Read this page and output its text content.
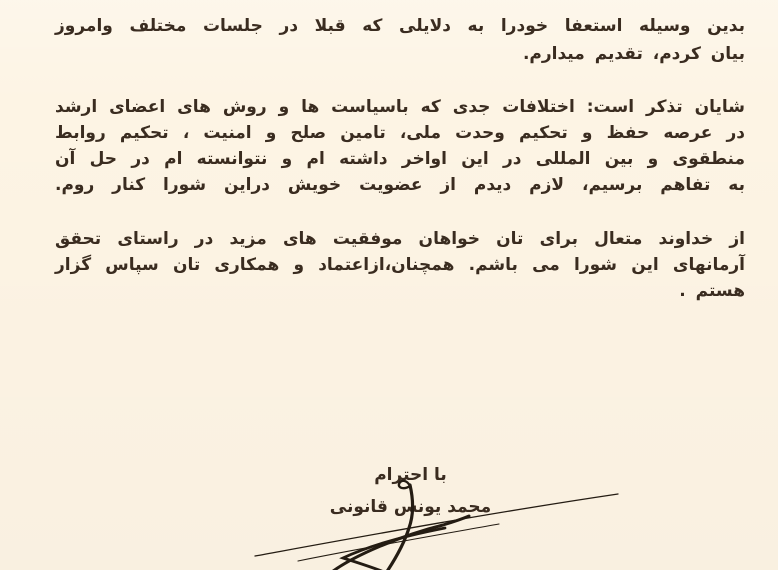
بدین وسیله استعفا خودرا به دلایلی که قبلا در جلسات مختلف وامروز
بیان کردم، تقدیم میدارم.
شایان تذکر است: اختلافات جدی که باسیاست ها و روش های اعضای ارشد
در عرصه حفظ و تحکیم وحدت ملی، تامین صلح و امنیت ، تحکیم روابط
منطقوی و بین المللی در این اواخر داشته ام و نتوانسته ام در حل آن
به تفاهم برسیم، لازم دیدم از عضویت خویش دراین شورا کنار روم.
از خداوند متعال برای تان خواهان موفقیت های مزید در راستای تحقق
آرمانهای این شورا می باشم. همچنان،ازاعتماد و همکاری تان سپاس گزار
هستم .
با احترام
محمد یونس قانونی
